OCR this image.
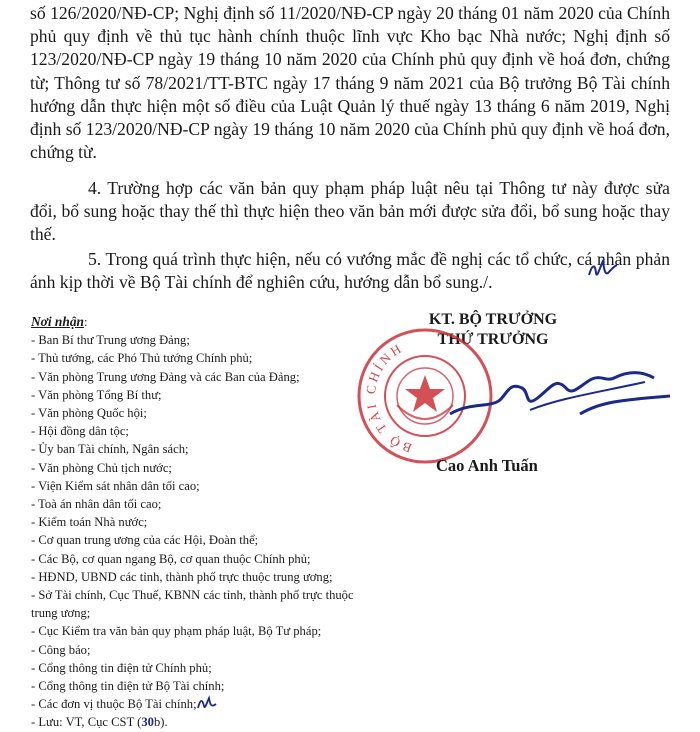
số 126/2020/NĐ-CP; Nghị định số 11/2020/NĐ-CP ngày 20 tháng 01 năm 2020 của Chính phủ quy định về thủ tục hành chính thuộc lĩnh vực Kho bạc Nhà nước; Nghị định số 123/2020/NĐ-CP ngày 19 tháng 10 năm 2020 của Chính phủ quy định về hoá đơn, chứng từ; Thông tư số 78/2021/TT-BTC ngày 17 tháng 9 năm 2021 của Bộ trưởng Bộ Tài chính hướng dẫn thực hiện một số điều của Luật Quản lý thuế ngày 13 tháng 6 năm 2019, Nghị định số 123/2020/NĐ-CP ngày 19 tháng 10 năm 2020 của Chính phủ quy định về hoá đơn, chứng từ.
4. Trường hợp các văn bản quy phạm pháp luật nêu tại Thông tư này được sửa đổi, bổ sung hoặc thay thế thì thực hiện theo văn bản mới được sửa đổi, bổ sung hoặc thay thế.
5. Trong quá trình thực hiện, nếu có vướng mắc đề nghị các tổ chức, cá nhân phản ánh kịp thời về Bộ Tài chính để nghiên cứu, hướng dẫn bổ sung./.
KT. BỘ TRƯỞNG
THỨ TRƯỞNG
BỘ TÀI CHÍNH
Cao Anh Tuấn
Nơi nhận:
- Ban Bí thư Trung ương Đảng;
- Thủ tướng, các Phó Thủ tướng Chính phủ;
- Văn phòng Trung ương Đảng và các Ban của Đảng;
- Văn phòng Tổng Bí thư;
- Văn phòng Quốc hội;
- Hội đồng dân tộc;
- Ủy ban Tài chính, Ngân sách;
- Văn phòng Chủ tịch nước;
- Viện Kiểm sát nhân dân tối cao;
- Toà án nhân dân tối cao;
- Kiểm toán Nhà nước;
- Cơ quan trung ương của các Hội, Đoàn thể;
- Các Bộ, cơ quan ngang Bộ, cơ quan thuộc Chính phủ;
- HĐND, UBND các tỉnh, thành phố trực thuộc trung ương;
- Sở Tài chính, Cục Thuế, KBNN các tỉnh, thành phố trực thuộc trung ương;
- Cục Kiểm tra văn bản quy phạm pháp luật, Bộ Tư pháp;
- Công báo;
- Cổng thông tin điện tử Chính phủ;
- Cổng thông tin điện tử Bộ Tài chính;
- Các đơn vị thuộc Bộ Tài chính;
- Lưu: VT, Cục CST (30b).
